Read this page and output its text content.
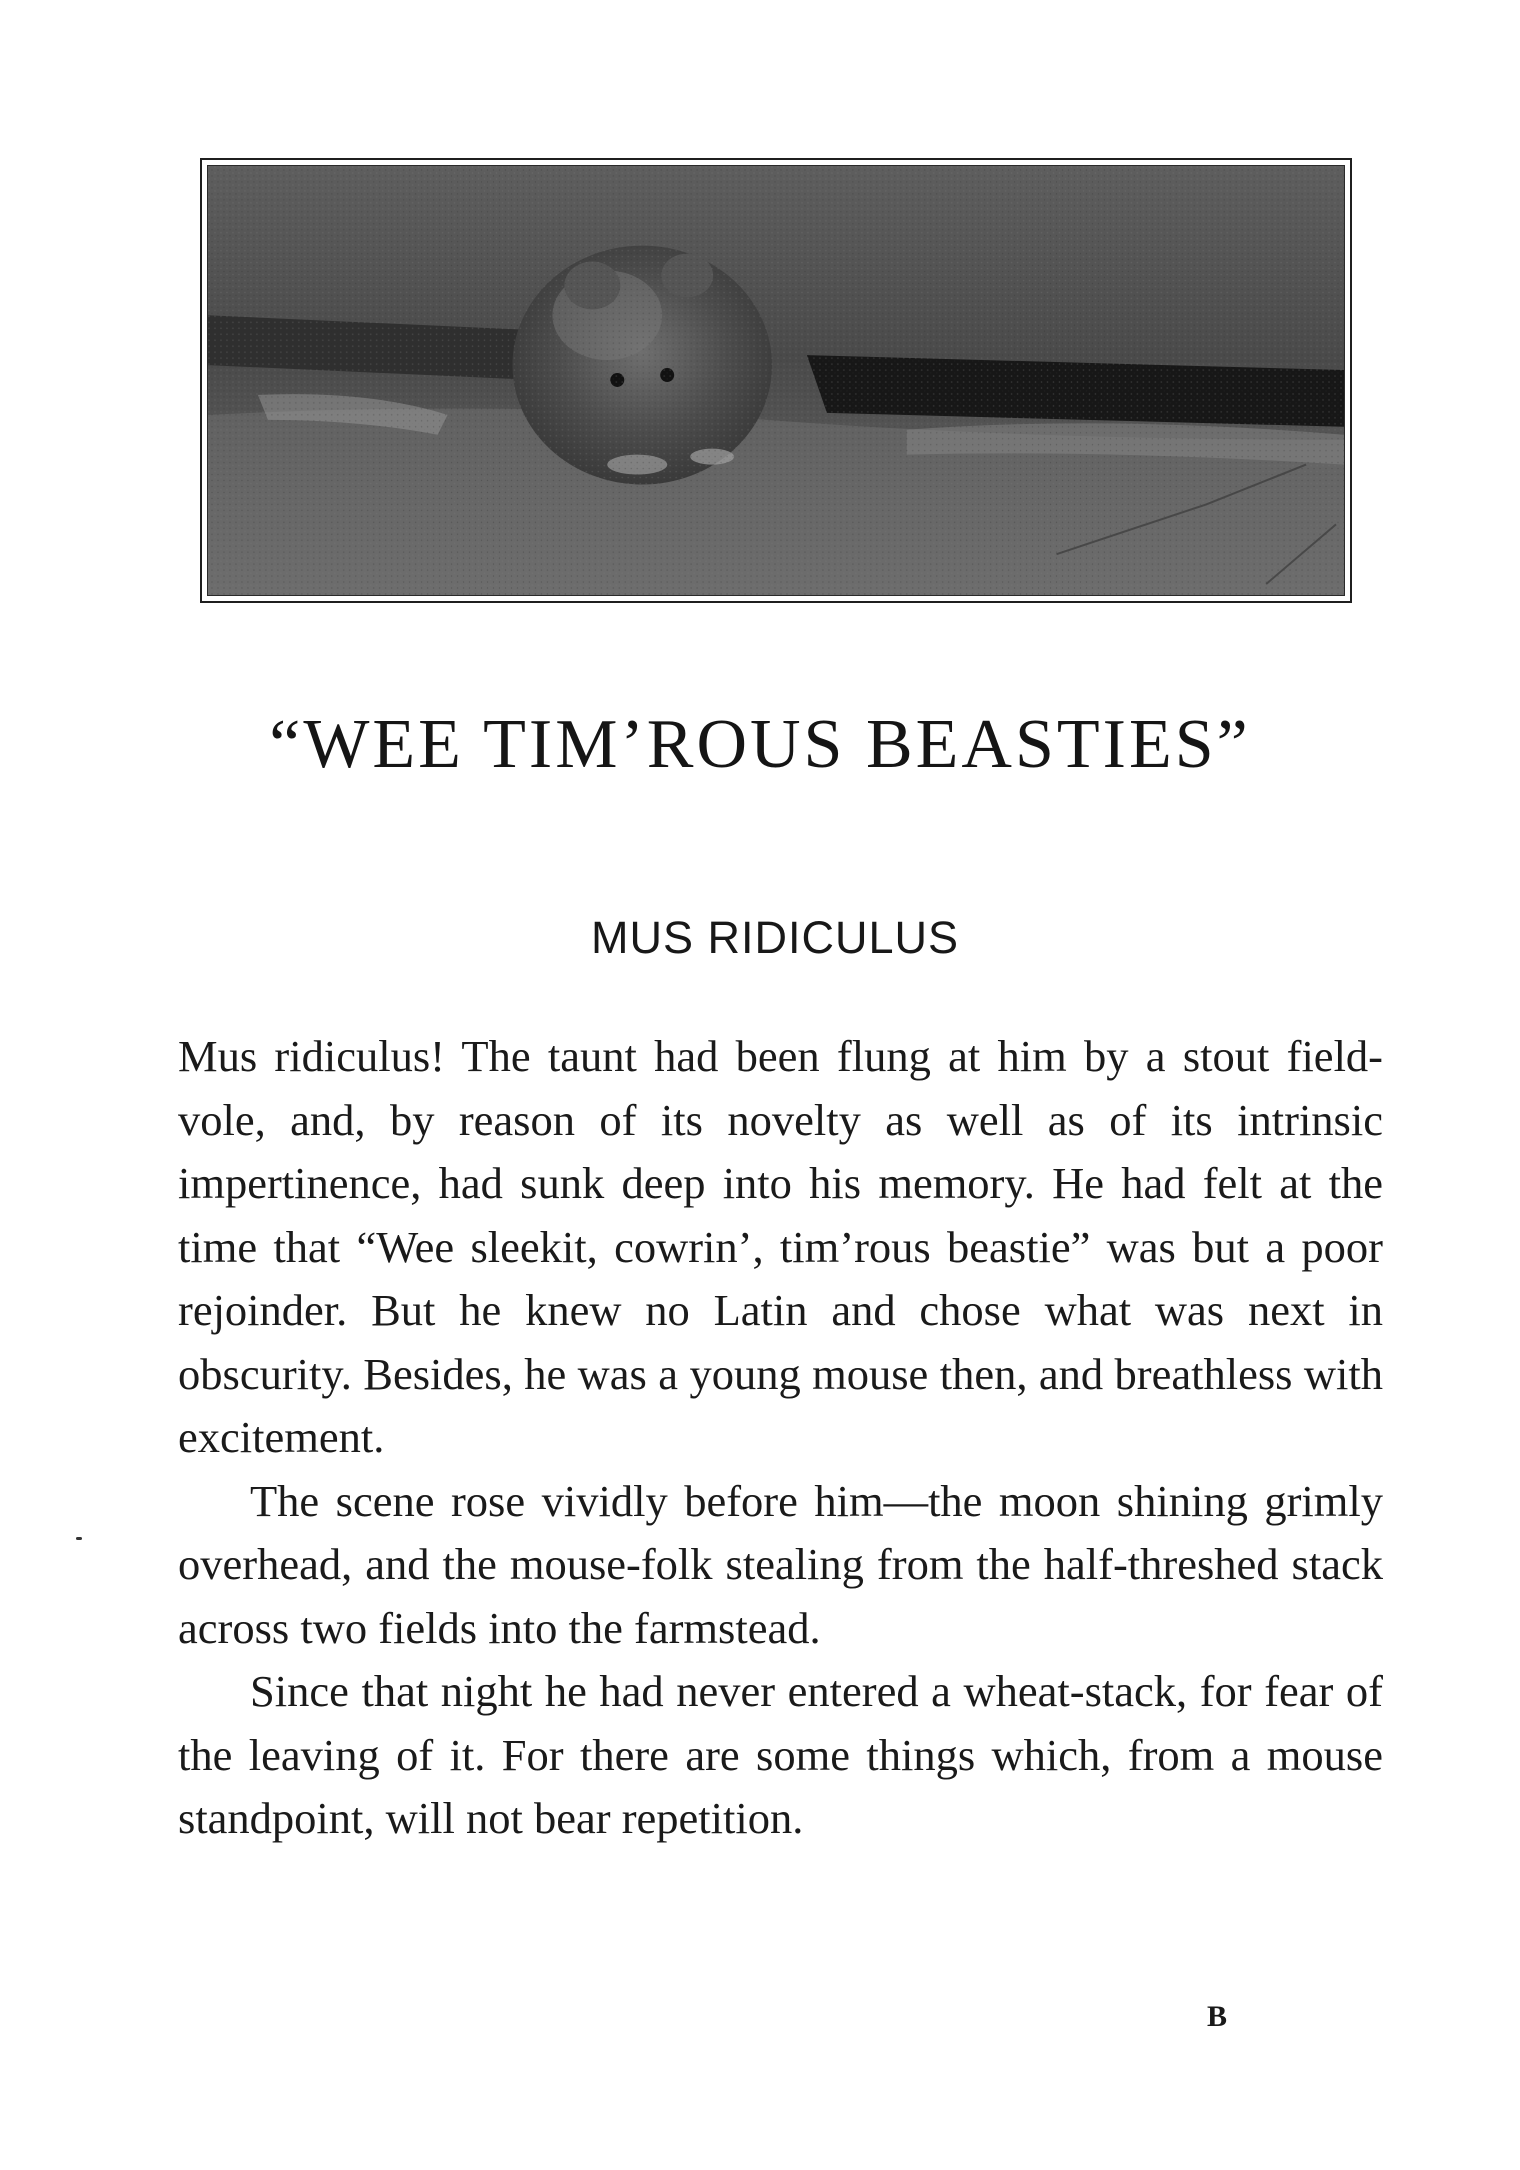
“WEE TIM’ROUS BEASTIES”
MUS RIDICULUS

Mus ridiculus! The taunt had been flung at him by a stout field-vole, and, by reason of its novelty as well as of its intrinsic impertinence, had sunk deep into his memory. He had felt at the time that “Wee sleekit, cowrin’, tim’rous beastie” was but a poor rejoinder. But he knew no Latin and chose what was next in obscurity. Besides, he was a young mouse then, and breathless with excitement.

The scene rose vividly before him—the moon shining grimly overhead, and the mouse-folk stealing from the half-threshed stack across two fields into the farmstead.

Since that night he had never entered a wheat-stack, for fear of the leaving of it. For there are some things which, from a mouse standpoint, will not bear repetition.

B
